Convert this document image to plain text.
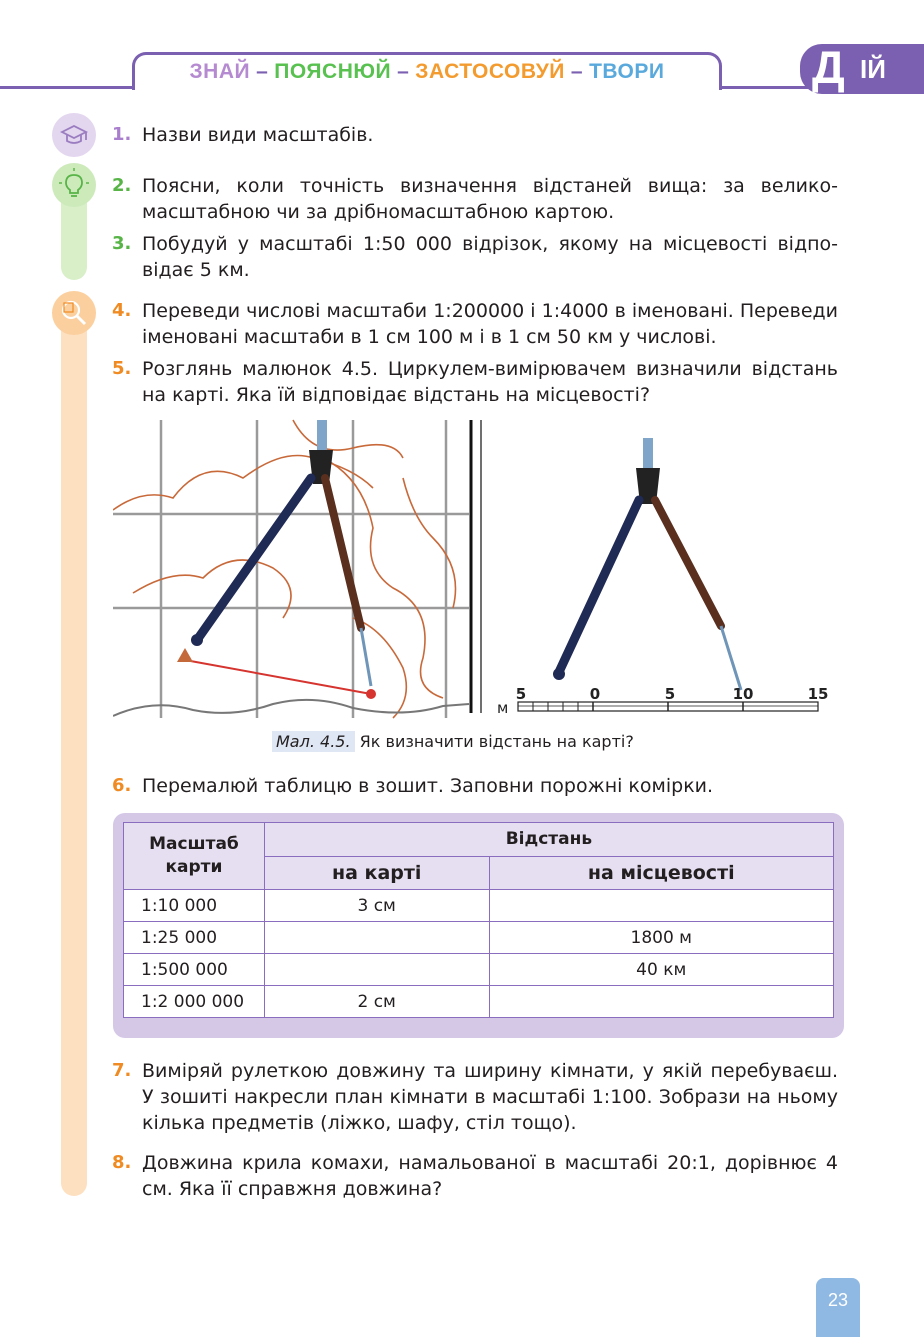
ЗНАЙ – ПОЯСНЮЙ – ЗАСТОСОВУЙ – ТВОРИ	Д ІЙ
1. Назви види масштабів.
2. Поясни, коли точність визначення відстаней вища: за великомасштабною чи за дрібномасштабною картою.
3. Побудуй у масштабі 1:50 000 відрізок, якому на місцевості відповідає 5 км.
4. Переведи числові масштаби 1:200000 і 1:4000 в іменовані. Переведи іменовані масштаби в 1 см 100 м і в 1 см 50 км у числові.
5. Розглянь малюнок 4.5. Циркулем-вимірювачем визначили відстань на карті. Яка їй відповідає відстань на місцевості?
м
5	0	5	10	15
Мал. 4.5. Як визначити відстань на карті?
6. Перемалюй таблицю в зошит. Заповни порожні комірки.
Масштаб карти	Відстань	
	на карті	на місцевості
1:10 000	3 см	
1:25 000		1800 м
1:500 000		40 км
1:2 000 000	2 см	
7. Виміряй рулеткою довжину та ширину кімнати, у якій перебуваєш. У зошиті накресли план кімнати в масштабі 1:100. Зобрази на ньому кілька предметів (ліжко, шафу, стіл тощо).
8. Довжина крила комахи, намальованої в масштабі 20:1, дорівнює 4 см. Яка її справжня довжина?
23
